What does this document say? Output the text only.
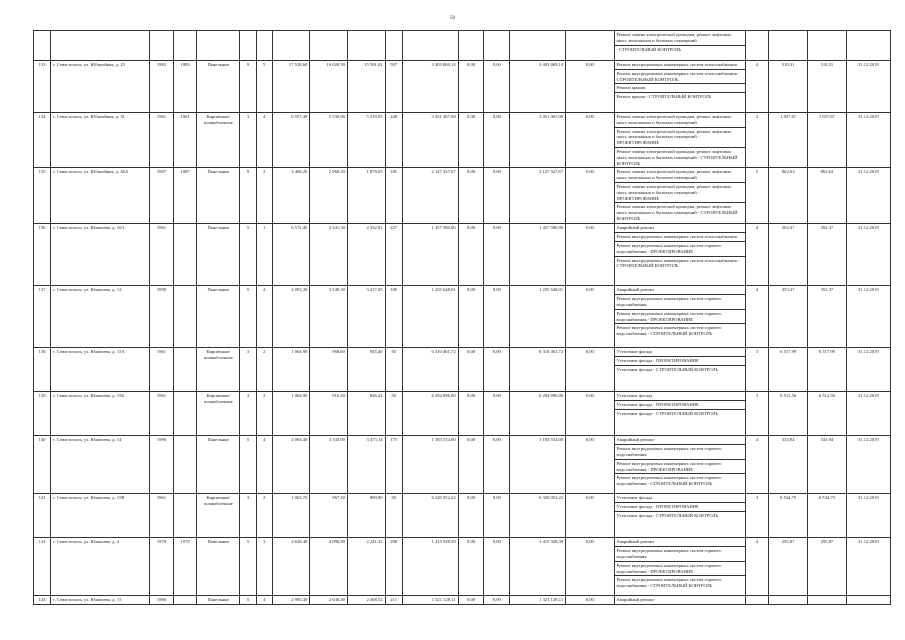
50

																Ремонт замена электрической проводки, ремонт лифтовых шахт, монтажных и бытовых помещений
- СТРОИТЕЛЬНЫЙ КОНТРОЛЬ				

133	г. Севастополь, ул. Юбилейная, д. 25	1983	1983	Панельные	9	5	17 528,60	16 028,59	15 581,01	597	3 403 869,14	0,00	0,00	3 403 869,14	0,00	Ремонт внутридомовых инженерных систем теплоснабжения
Ремонт внутридомовых инженерных систем теплоснабжения - СТРОИТЕЛЬНЫЙ КОНТРОЛЬ
Ремонт крыши
Ремонт крыши - СТРОИТЕЛЬНЫЙ КОНТРОЛЬ	4	510,31	510,31	31.12.2019
134	г. Севастополь, ул. Юбилейная, д. 31	1961	1961	Кирпичные/ шлакоблочные	3	4	6 557,40	5 530,80	5 219,05	246	3 451 467,08	0,00	0,00	3 451 467,08	0,00	Ремонт замена электрической проводки, ремонт лифтовых шахт, монтажных и бытовых помещений
Ремонт замена электрической проводки, ремонт лифтовых шахт, монтажных и бытовых помещений - ПРОЕКТИРОВАНИЕ
Ремонт замена электрической проводки, ремонт лифтовых шахт, монтажных и бытовых помещений - СТРОИТЕЛЬНЫЙ КОНТРОЛЬ	3	1 057,67	1 057,67	31.12.2019
135	г. Севастополь, ул. Юбилейная, д. 46А	1987	1987	Панельные	9	2	3 468,20	2 968,20	1 879,05	185	2 127 327,67	0,00	0,00	2 127 327,67	0,00	Ремонт замена электрической проводки, ремонт лифтовых шахт, монтажных и бытовых помещений
Ремонт замена электрической проводки, ремонт лифтовых шахт, монтажных и бытовых помещений - ПРОЕКТИРОВАНИЕ
Ремонт замена электрической проводки, ремонт лифтовых шахт, монтажных и бытовых помещений - СТРОИТЕЛЬНЫЙ КОНТРОЛЬ	2	862,63	862,63	31.12.2019
136	г. Севастополь, ул. Юмашева, д. 10/1	1961		Панельные	5	1	6 572,40	2 341,30	2 332,81	227	1 457 580,00	0,00	0,00	1 457 580,00	0,00	Аварийный ремонт
Ремонт внутридомовых инженерных систем теплоснабжения
Ремонт внутридомовых инженерных систем горячего водоснабжения - ПРОЕКТИРОВАНИЕ
Ремонт внутридомовых инженерных систем теплоснабжения - СТРОИТЕЛЬНЫЙ КОНТРОЛЬ	4	202,37	202,37	31.12.2019
137	г. Севастополь, ул. Юмашева, д. 12	1990		Панельные	5	4	4 093,30	3 549,30	3 417,05	180	1 255 648,01	0,00	0,00	1 255 648,01	0,00	Аварийный ремонт
Ремонт внутридомовых инженерных систем горячего водоснабжения
Ремонт внутридомовых инженерных систем горячего водоснабжения - ПРОЕКТИРОВАНИЕ
Ремонт внутридомовых инженерных систем горячего водоснабжения - СТРОИТЕЛЬНЫЙ КОНТРОЛЬ	4	353,37	353,37	31.12.2019
138	г. Севастополь, ул. Юмашева, д. 15А	1961		Кирпичные/ шлакоблочные	3	2	1 064,90	968,60	945,40	50	6 310 461,72	0,00	0,00	6 310 461,72	0,00	Утепление фасада
Утепление фасада - ПРОЕКТИРОВАНИЕ
Утепление фасада - СТРОИТЕЛЬНЫЙ КОНТРОЛЬ	3	6 517,99	6 517,99	31.12.2019
139	г. Севастополь, ул. Юмашева, д. 15Б	1961		Кирпичные/ шлакоблочные	3	2	1 064,90	916,50	846,24	50	6 294 896,00	0,00	0,00	6 294 896,00	0,00	Утепление фасада
Утепление фасада - ПРОЕКТИРОВАНИЕ
Утепление фасада - СТРОИТЕЛЬНЫЙ КОНТРОЛЬ	3	6 512,56	6 512,56	31.12.2019
140	г. Севастополь, ул. Юмашева, д. 14	1990		Панельные	5	4	4 063,40	3 543,90	3 473,14	175	1 183 554,00	0,00	0,00	1 183 554,00	0,00	Аварийный ремонт
Ремонт внутридомовых инженерных систем горячего водоснабжения
Ремонт внутридомовых инженерных систем горячего водоснабжения - ПРОЕКТИРОВАНИЕ
Ремонт внутридомовых инженерных систем горячего водоснабжения - СТРОИТЕЛЬНЫЙ КОНТРОЛЬ	4	333,94	333,94	31.12.2019
141	г. Севастополь, ул. Юмашева, д. 15В	1961		Кирпичные/ шлакоблочные	3	2	1 063,70	967,30	880,90	50	6 320 052,22	0,00	0,00	6 320 052,22	0,00	Утепление фасада
Утепление фасада - ПРОЕКТИРОВАНИЕ
Утепление фасада - СТРОИТЕЛЬНЫЙ КОНТРОЛЬ	3	6 534,75	6 534,75	31.12.2019
142	г. Севастополь, ул. Юмашева, д. 4	1978	1978	Панельные	5	3	2 628,40	4 096,80	2 241,43	298	1 415 928,39	0,00	0,00	1 415 928,39	0,00	Аварийный ремонт
Ремонт внутридомовых инженерных систем горячего водоснабжения
Ремонт внутридомовых инженерных систем горячего водоснабжения - ПРОЕКТИРОВАНИЕ
Ремонт внутридомовых инженерных систем горячего водоснабжения - СТРОИТЕЛЬНЫЙ КОНТРОЛЬ	4	295,87	295,87	31.12.2019
143	г. Севастополь, ул. Юмашева, д. 15	1960		Панельные	5	4	2 985,40	2 640,40	2 468,52	211	1 321 128,11	0,00	0,00	1 321 128,11	0,00	Аварийный ремонт				
